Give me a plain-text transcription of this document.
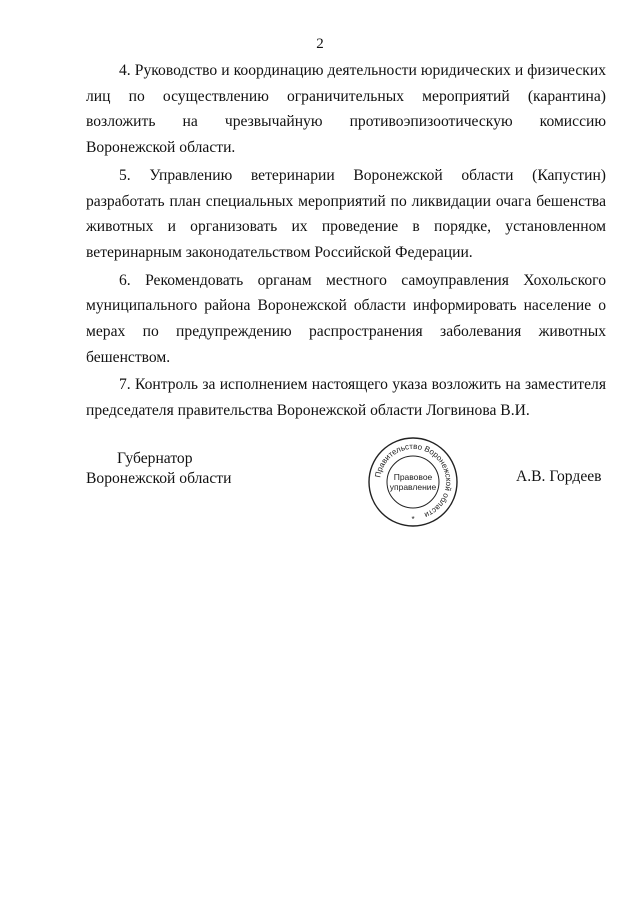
2

4. Руководство и координацию деятельности юридических и физических лиц по осуществлению ограничительных мероприятий (карантина) возложить на чрезвычайную противоэпизоотическую комиссию Воронежской области.

5. Управлению ветеринарии Воронежской области (Капустин) разработать план специальных мероприятий по ликвидации очага бешенства животных и организовать их проведение в порядке, установленном ветеринарным законодательством Российской Федерации.

6. Рекомендовать органам местного самоуправления Хохольского муниципального района Воронежской области информировать население о мерах по предупреждению распространения заболевания животных бешенством.

7. Контроль за исполнением настоящего указа возложить на заместителя председателя правительства Воронежской области Логвинова В.И.

Губернатор
Воронежской области	Правительство Воронежской области
Правовое
управление
*
А.В. Гордеев
